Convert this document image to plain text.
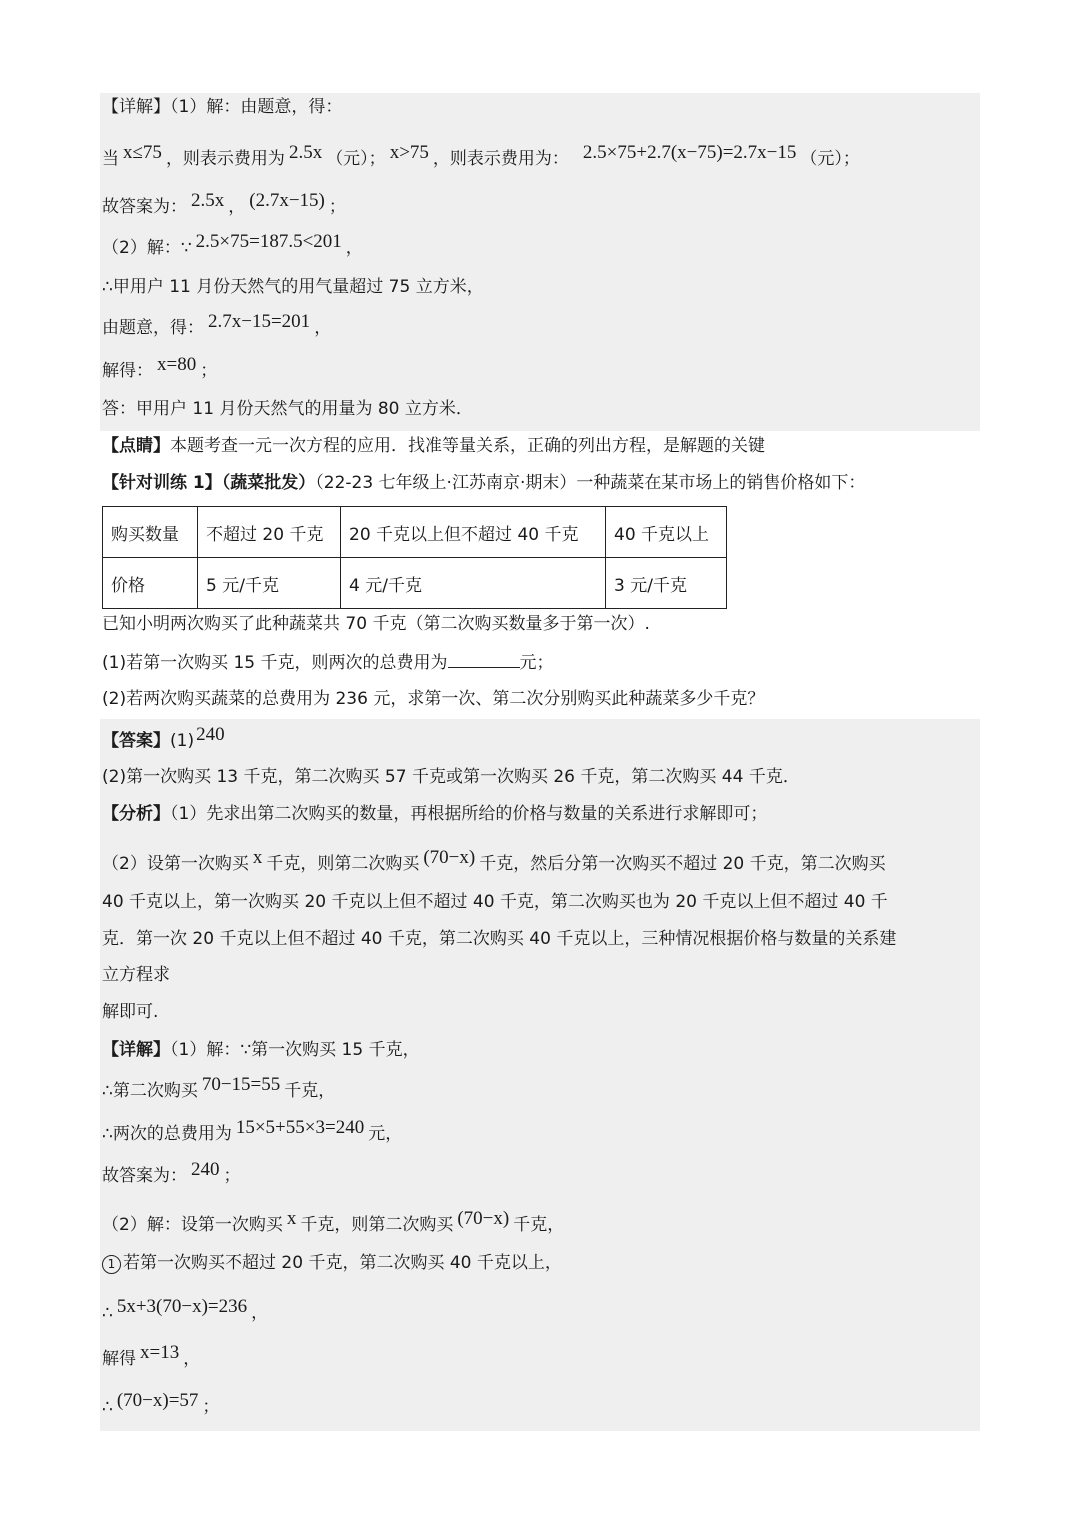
【详解】（1）解：由题意，得：
当 x≤75 ，则表示费用为 2.5x （元）； x>75 ，则表示费用为： 2.5×75+2.7(x−75)=2.7x−15 （元）；
故答案为： 2.5x ， (2.7x−15) ；
（2）解：∵ 2.5×75=187.5<201 ，
∴甲用户 11 月份天然气的用气量超过 75 立方米，
由题意，得： 2.7x−15=201 ，
解得： x=80 ；
答：甲用户 11 月份天然气的用量为 80 立方米．
【点睛】本题考查一元一次方程的应用．找准等量关系，正确的列出方程，是解题的关键
【针对训练 1】（蔬菜批发）（22-23 七年级上·江苏南京·期末）一种蔬菜在某市场上的销售价格如下：
购买数量	不超过 20 千克	20 千克以上但不超过 40 千克	40 千克以上
价格	5 元/千克	4 元/千克	3 元/千克
已知小明两次购买了此种蔬菜共 70 千克（第二次购买数量多于第一次）.
(1)若第一次购买 15 千克，则两次的总费用为	元；
(2)若两次购买蔬菜的总费用为 236 元，求第一次、第二次分别购买此种蔬菜多少千克？
【答案】(1) 240
(2)第一次购买 13 千克，第二次购买 57 千克或第一次购买 26 千克，第二次购买 44 千克．
【分析】（1）先求出第二次购买的数量，再根据所给的价格与数量的关系进行求解即可；
（2）设第一次购买 x 千克，则第二次购买 (70−x) 千克，然后分第一次购买不超过 20 千克，第二次购买
40 千克以上，第一次购买 20 千克以上但不超过 40 千克，第二次购买也为 20 千克以上但不超过 40 千
克．第一次 20 千克以上但不超过 40 千克，第二次购买 40 千克以上，三种情况根据价格与数量的关系建
立方程求
解即可.
【详解】（1）解：∵第一次购买 15 千克，
∴第二次购买 70−15=55 千克，
∴两次的总费用为 15×5+55×3=240 元，
故答案为： 240 ；
（2）解：设第一次购买 x 千克，则第二次购买 (70−x) 千克，
1 若第一次购买不超过 20 千克，第二次购买 40 千克以上，
∴ 5x+3(70−x)=236 ，
解得 x=13 ，
∴ (70−x)=57 ；
